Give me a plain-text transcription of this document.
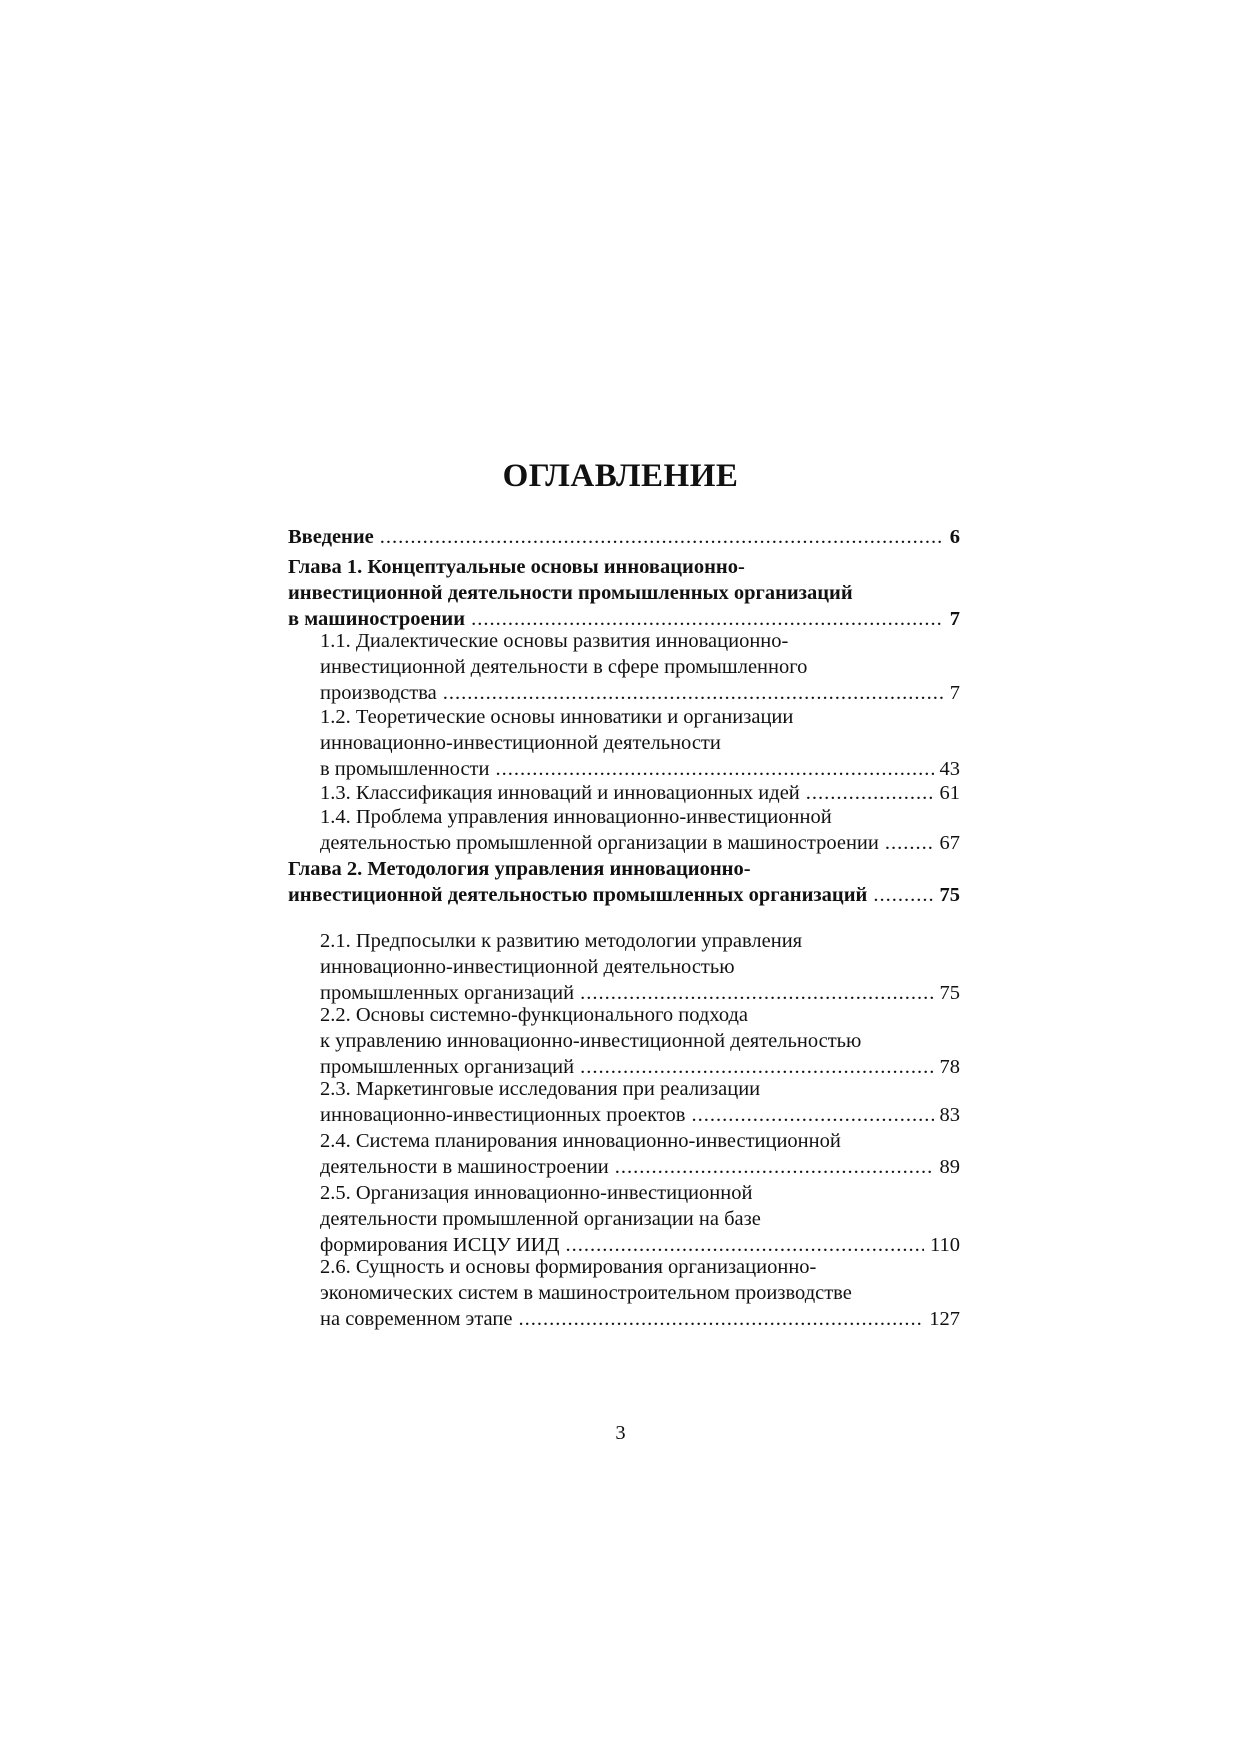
ОГЛАВЛЕНИЕ
Введение .....	6
Глава 1. Концептуальные основы инновационно-
инвестиционной деятельности промышленных организаций
в машиностроении .....	7
1.1. Диалектические основы развития инновационно-
инвестиционной деятельности в сфере промышленного
производства .....	7
1.2. Теоретические основы инноватики и организации
инновационно-инвестиционной деятельности
в промышленности .....	43
1.3. Классификация инноваций и инновационных идей .....	61
1.4. Проблема управления инновационно-инвестиционной
деятельностью промышленной организации в машиностроении .....	67
Глава 2. Методология управления инновационно-
инвестиционной деятельностью промышленных организаций .....	75
2.1. Предпосылки к развитию методологии управления
инновационно-инвестиционной деятельностью
промышленных организаций .....	75
2.2. Основы системно-функционального подхода
к управлению инновационно-инвестиционной деятельностью
промышленных организаций .....	78
2.3. Маркетинговые исследования при реализации
инновационно-инвестиционных проектов .....	83
2.4. Система планирования инновационно-инвестиционной
деятельности в машиностроении .....	89
2.5. Организация инновационно-инвестиционной
деятельности промышленной организации на базе
формирования ИСЦУ ИИД .....	110
2.6. Сущность и основы формирования организационно-
экономических систем в машиностроительном производстве
на современном этапе .....	127
3
